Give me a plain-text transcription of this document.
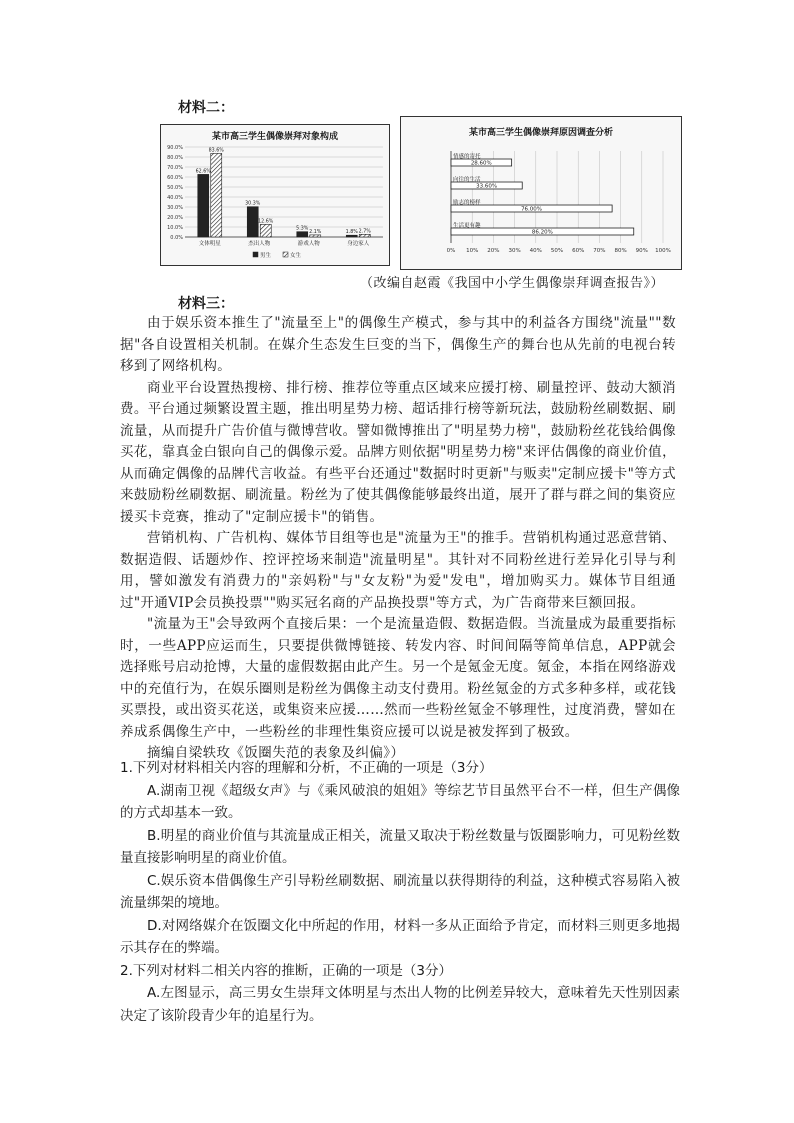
材料二：
某市高三学生偶像崇拜对象构成
0.0%
10.0%
20.0%
30.0%
40.0%
50.0%
60.0%
70.0%
80.0%
90.0%
62.6%
83.6%
文体明星
30.3%
12.6%
杰出人物
5.3%
2.1%
游戏人物
1.8% 2.7%
身边家人
男生	女生
某市高三学生偶像崇拜原因调查分析
0% 10% 20% 30% 40% 50% 60% 70% 80% 90% 100%
情感的寄托
28.60%
向往的生活
33.60%
励志的榜样
76.00%
生活更有趣
86.20%
（改编自赵霞《我国中小学生偶像崇拜调查报告》）
材料三：

由于娱乐资本推生了"流量至上"的偶像生产模式，参与其中的利益各方围绕"流量""数据"各自设置相关机制。在媒介生态发生巨变的当下，偶像生产的舞台也从先前的电视台转移到了网络机构。

商业平台设置热搜榜、排行榜、推荐位等重点区域来应援打榜、刷量控评、鼓动大额消费。平台通过频繁设置主题，推出明星势力榜、超话排行榜等新玩法，鼓励粉丝刷数据、刷流量，从而提升广告价值与微博营收。譬如微博推出了"明星势力榜"，鼓励粉丝花钱给偶像买花，靠真金白银向自己的偶像示爱。品牌方则依据"明星势力榜"来评估偶像的商业价值，从而确定偶像的品牌代言收益。有些平台还通过"数据时时更新"与贩卖"定制应援卡"等方式来鼓励粉丝刷数据、刷流量。粉丝为了使其偶像能够最终出道，展开了群与群之间的集资应援买卡竞赛，推动了"定制应援卡"的销售。

营销机构、广告机构、媒体节目组等也是"流量为王"的推手。营销机构通过恶意营销、数据造假、话题炒作、控评控场来制造"流量明星"。其针对不同粉丝进行差异化引导与利用，譬如激发有消费力的"亲妈粉"与"女友粉"为爱"发电"，增加购买力。媒体节目组通过"开通VIP会员换投票""购买冠名商的产品换投票"等方式，为广告商带来巨额回报。

"流量为王"会导致两个直接后果：一个是流量造假、数据造假。当流量成为最重要指标时，一些APP应运而生，只要提供微博链接、转发内容、时间间隔等简单信息，APP就会选择账号启动抢博，大量的虚假数据由此产生。另一个是氪金无度。氪金，本指在网络游戏中的充值行为，在娱乐圈则是粉丝为偶像主动支付费用。粉丝氪金的方式多种多样，或花钱买票投，或出资买花送，或集资来应援……然而一些粉丝氪金不够理性，过度消费，譬如在养成系偶像生产中，一些粉丝的非理性集资应援可以说是被发挥到了极致。

摘编自梁轶玫《饭圈失范的表象及纠偏》）

1.下列对材料相关内容的理解和分析，不正确的一项是（3分）

A.湖南卫视《超级女声》与《乘风破浪的姐姐》等综艺节目虽然平台不一样，但生产偶像的方式却基本一致。

B.明星的商业价值与其流量成正相关，流量又取决于粉丝数量与饭圈影响力，可见粉丝数量直接影响明星的商业价值。

C.娱乐资本借偶像生产引导粉丝刷数据、刷流量以获得期待的利益，这种模式容易陷入被流量绑架的境地。

D.对网络媒介在饭圈文化中所起的作用，材料一多从正面给予肯定，而材料三则更多地揭示其存在的弊端。

2.下列对材料二相关内容的推断，正确的一项是（3分）

A.左图显示，高三男女生崇拜文体明星与杰出人物的比例差异较大，意味着先天性别因素决定了该阶段青少年的追星行为。
